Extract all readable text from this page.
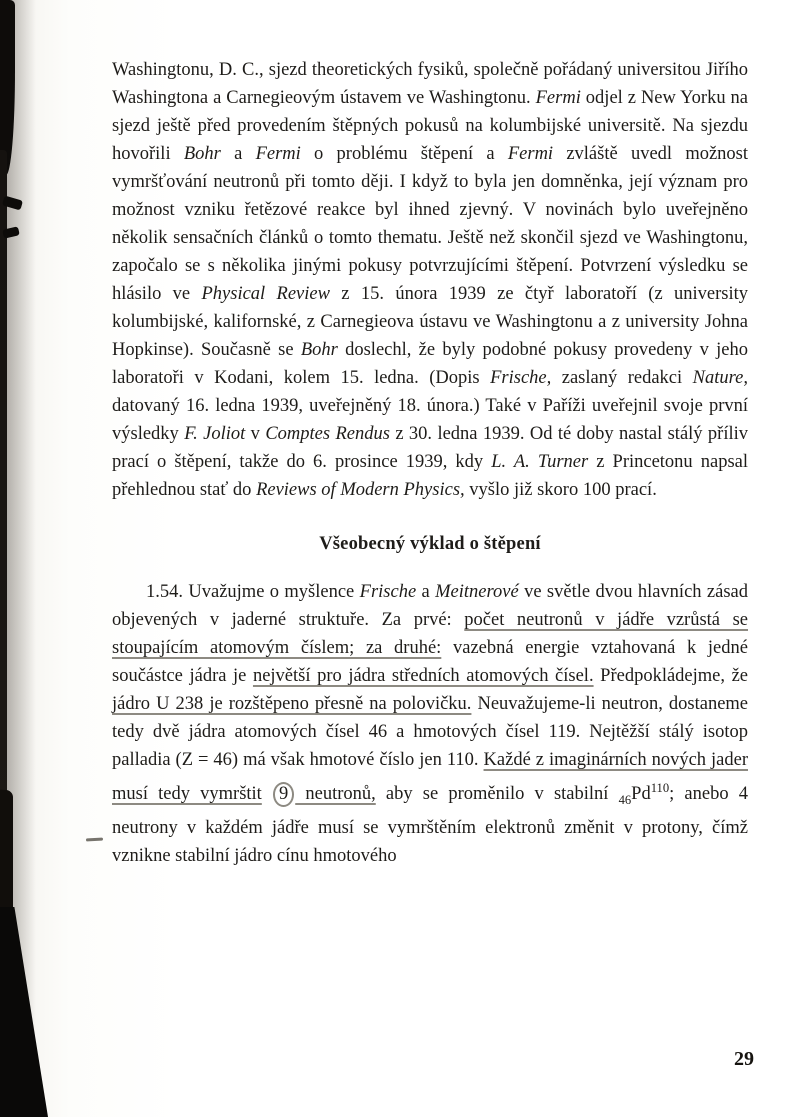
Washingtonu, D. C., sjezd theoretických fysiků, společně pořádaný universitou Jiřího Washingtona a Carnegieovým ústavem ve Washingtonu. Fermi odjel z New Yorku na sjezd ještě před provedením štěpných pokusů na kolumbijské universitě. Na sjezdu hovořili Bohr a Fermi o problému štěpení a Fermi zvláště uvedl možnost vymršťování neutronů při tomto ději. I když to byla jen domněnka, její význam pro možnost vzniku řetězové reakce byl ihned zjevný. V novinách bylo uveřejněno několik sensačních článků o tomto thematu. Ještě než skončil sjezd ve Washingtonu, započalo se s několika jinými pokusy potvrzujícími štěpení. Potvrzení výsledku se hlásilo ve Physical Review z 15. února 1939 ze čtyř laboratoří (z university kolumbijské, kalifornské, z Carnegieova ústavu ve Washingtonu a z university Johna Hopkinse). Současně se Bohr doslechl, že byly podobné pokusy provedeny v jeho laboratoři v Kodani, kolem 15. ledna. (Dopis Frische, zaslaný redakci Nature, datovaný 16. ledna 1939, uveřejněný 18. února.) Také v Paříži uveřejnil svoje první výsledky F. Joliot v Comptes Rendus z 30. ledna 1939. Od té doby nastal stálý příliv prací o štěpení, takže do 6. prosince 1939, kdy L. A. Turner z Princetonu napsal přehlednou stať do Reviews of Modern Physics, vyšlo již skoro 100 prací.

Všeobecný výklad o štěpení

1.54. Uvažujme o myšlence Frische a Meitnerové ve světle dvou hlavních zásad objevených v jaderné struktuře. Za prvé: počet neutronů v jádře vzrůstá se stoupajícím atomovým číslem; za druhé: vazebná energie vztahovaná k jedné součástce jádra je největší pro jádra středních atomových čísel. Předpokládejme, že jádro U 238 je rozštěpeno přesně na polovičku. Neuvažujeme-li neutron, dostaneme tedy dvě jádra atomových čísel 46 a hmotových čísel 119. Nejtěžší stálý isotop palladia (Z = 46) má však hmotové číslo jen 110. Každé z imaginárních nových jader musí tedy vymrštit 9 neutronů, aby se proměnilo v stabilní $_{46}Pd^{110}$; anebo 4 neutrony v každém jádře musí se vymrštěním elektronů změnit v protony, čímž vznikne stabilní jádro cínu hmotového

29
